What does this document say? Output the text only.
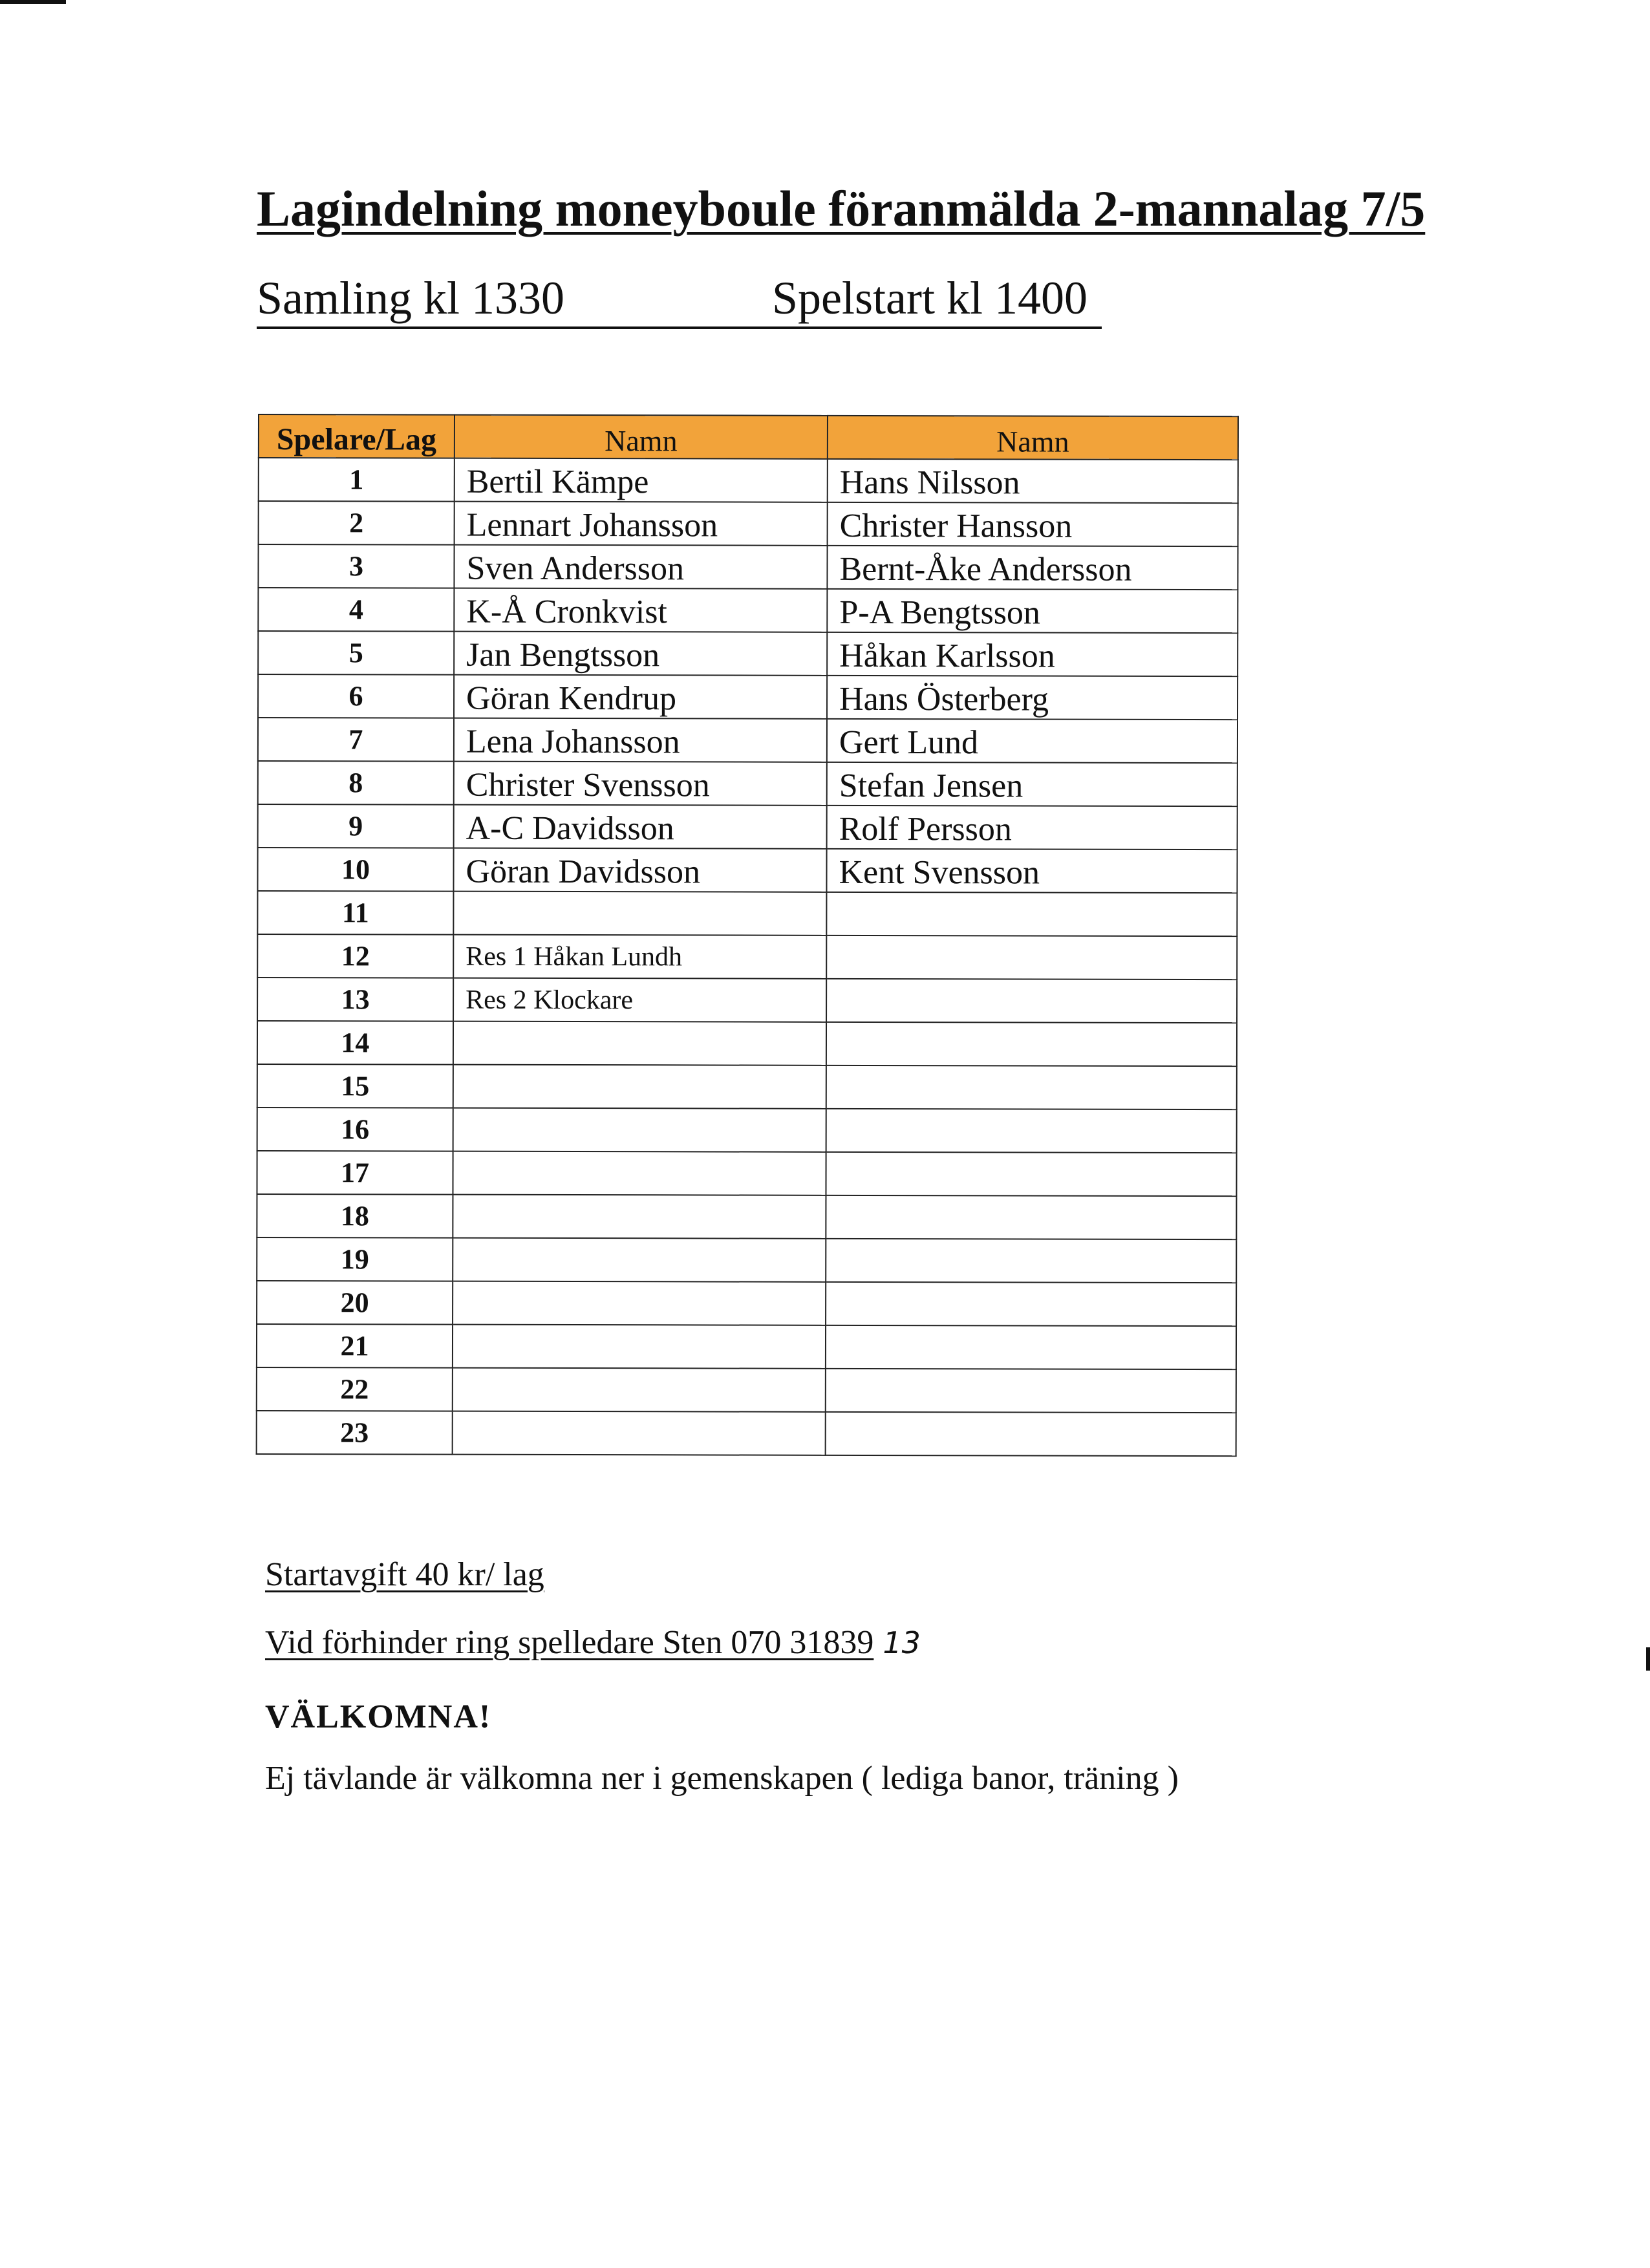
Lagindelning moneyboule föranmälda 2-mannalag 7/5
Samling kl 1330	Spelstart kl 1400
Spelare/Lag	Namn	Namn
1	Bertil Kämpe	Hans Nilsson
2	Lennart Johansson	Christer Hansson
3	Sven Andersson	Bernt-Åke Andersson
4	K-Å Cronkvist	P-A Bengtsson
5	Jan Bengtsson	Håkan Karlsson
6	Göran Kendrup	Hans Österberg
7	Lena Johansson	Gert Lund
8	Christer Svensson	Stefan Jensen
9	A-C Davidsson	Rolf Persson
10	Göran Davidsson	Kent Svensson
11		
12	Res 1 Håkan Lundh	
13	Res 2 Klockare	
14		
15		
16		
17		
18		
19		
20		
21		
22		
23		
Startavgift 40 kr/ lag
Vid förhinder ring spelledare Sten 070 31839 13
VÄLKOMNA!
Ej tävlande är välkomna ner i gemenskapen ( lediga banor, träning )
